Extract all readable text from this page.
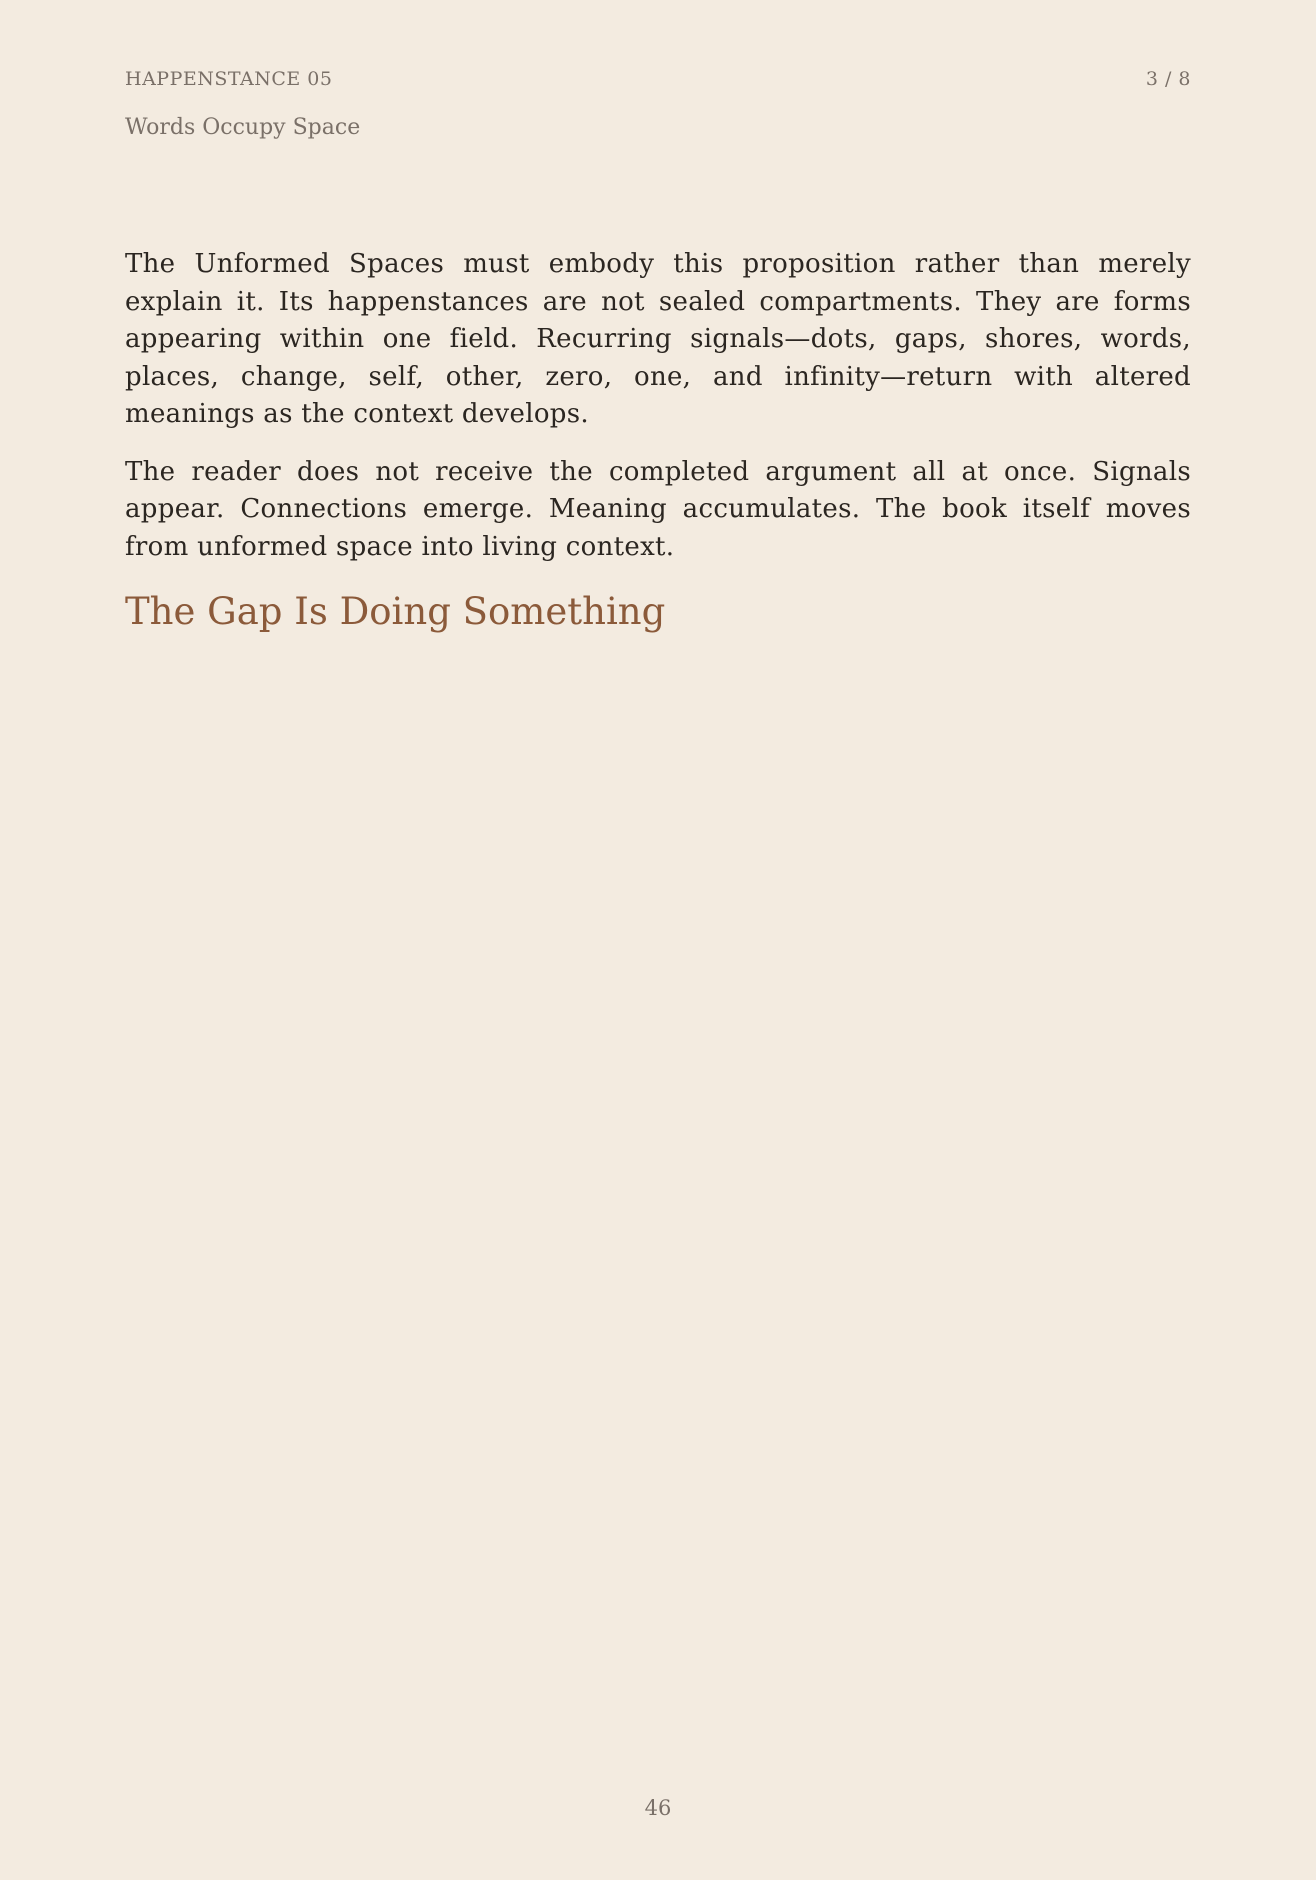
HAPPENSTANCE 05	3 / 8
Words Occupy Space

The Unformed Spaces must embody this proposition rather than merely explain it. Its happenstances are not sealed compartments. They are forms appearing within one field. Recurring signals—dots, gaps, shores, words, places, change, self, other, zero, one, and infinity—return with altered meanings as the context develops.

The reader does not receive the completed argument all at once. Signals appear. Connections emerge. Meaning accumulates. The book itself moves from unformed space into living context.

The Gap Is Doing Something
46
